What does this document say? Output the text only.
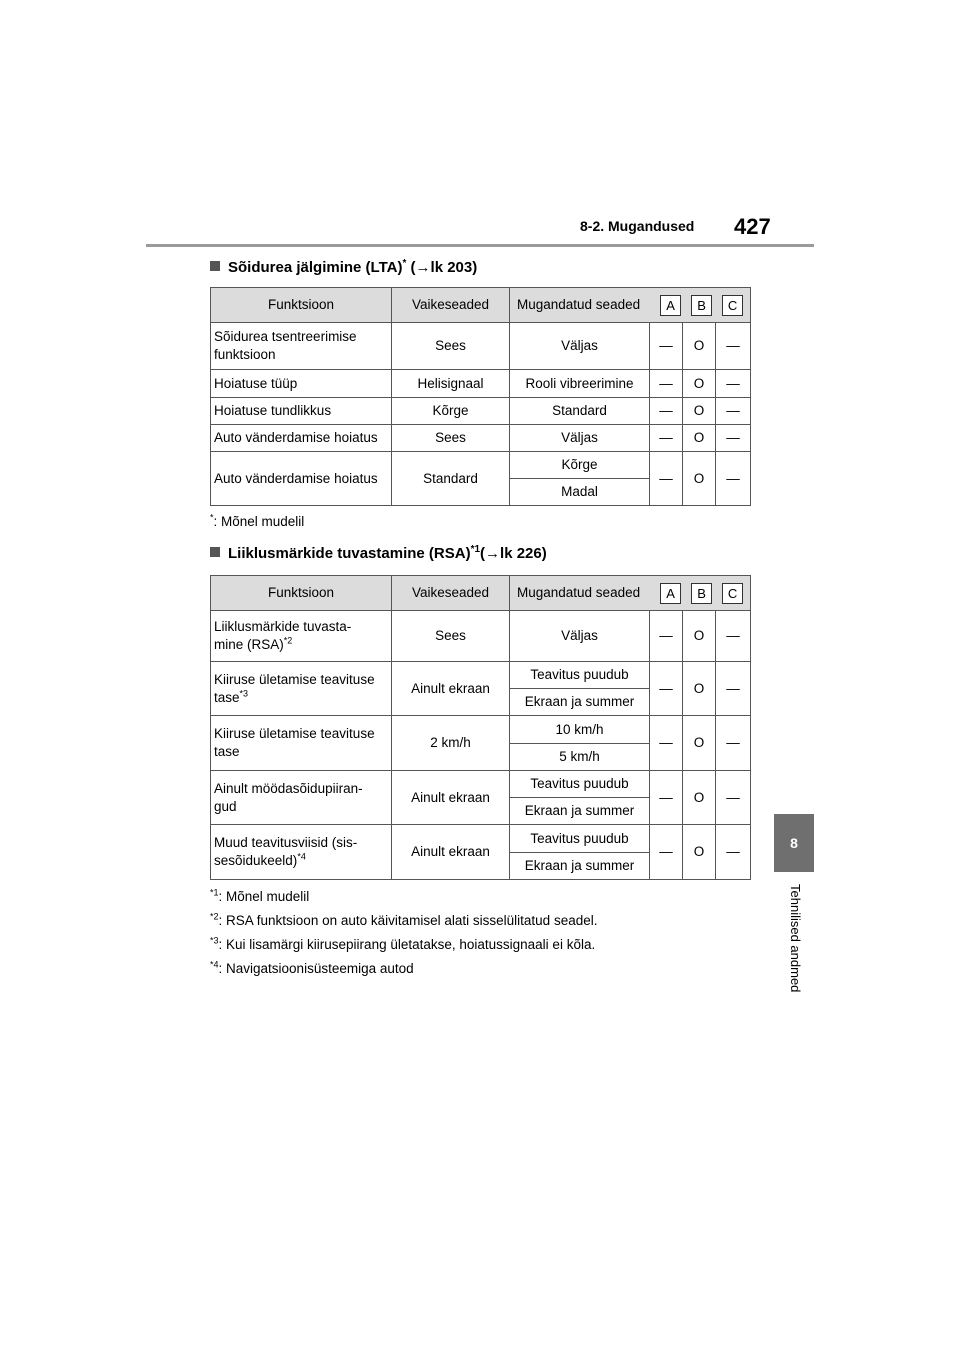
8-2. Mugandused 427
8
Tehnilised andmed
Sõidurea jälgimine (LTA)* (→lk 203)
Funktsioon	Vaikeseaded	Mugandatud seaded A B C			

Sõidurea tsentreerimise funktsioon	Sees	Väljas	—	O	—
Hoiatuse tüüp	Helisignaal	Rooli vibreerimine	—	O	—
Hoiatuse tundlikkus	Kõrge	Standard	—	O	—
Auto vänderdamise hoiatus	Sees	Väljas	—	O	—
Auto vänderdamise hoiatus	Standard	Kõrge	—	O	—
		Madal			
*: Mõnel mudelil
Liiklusmärkide tuvastamine (RSA)$^{*1}$(→lk 226)
Funktsioon	Vaikeseaded	Mugandatud seaded A B C			

Liiklusmärkide tuvasta-
mine (RSA)$^{*2}$	Sees	Väljas	—	O	—
Kiiruse ületamise teavituse
tase$^{*3}$	Ainult ekraan	Teavitus puudub	—	O	—
		Ekraan ja summer			
Kiiruse ületamise teavituse
tase	2 km/h	10 km/h	—	O	—
		5 km/h			
Ainult möödasõidupiiran-
gud	Ainult ekraan	Teavitus puudub	—	O	—
		Ekraan ja summer			
Muud teavitusviisid (sis-
sesõidukeeld)$^{*4}$	Ainult ekraan	Teavitus puudub	—	O	—
		Ekraan ja summer			
$^{*1}$: Mõnel mudelil
$^{*2}$: RSA funktsioon on auto käivitamisel alati sisselülitatud seadel.
$^{*3}$: Kui lisamärgi kiirusepiirang ületatakse, hoiatussignaali ei kõla.
$^{*4}$: Navigatsioonisüsteemiga autod
